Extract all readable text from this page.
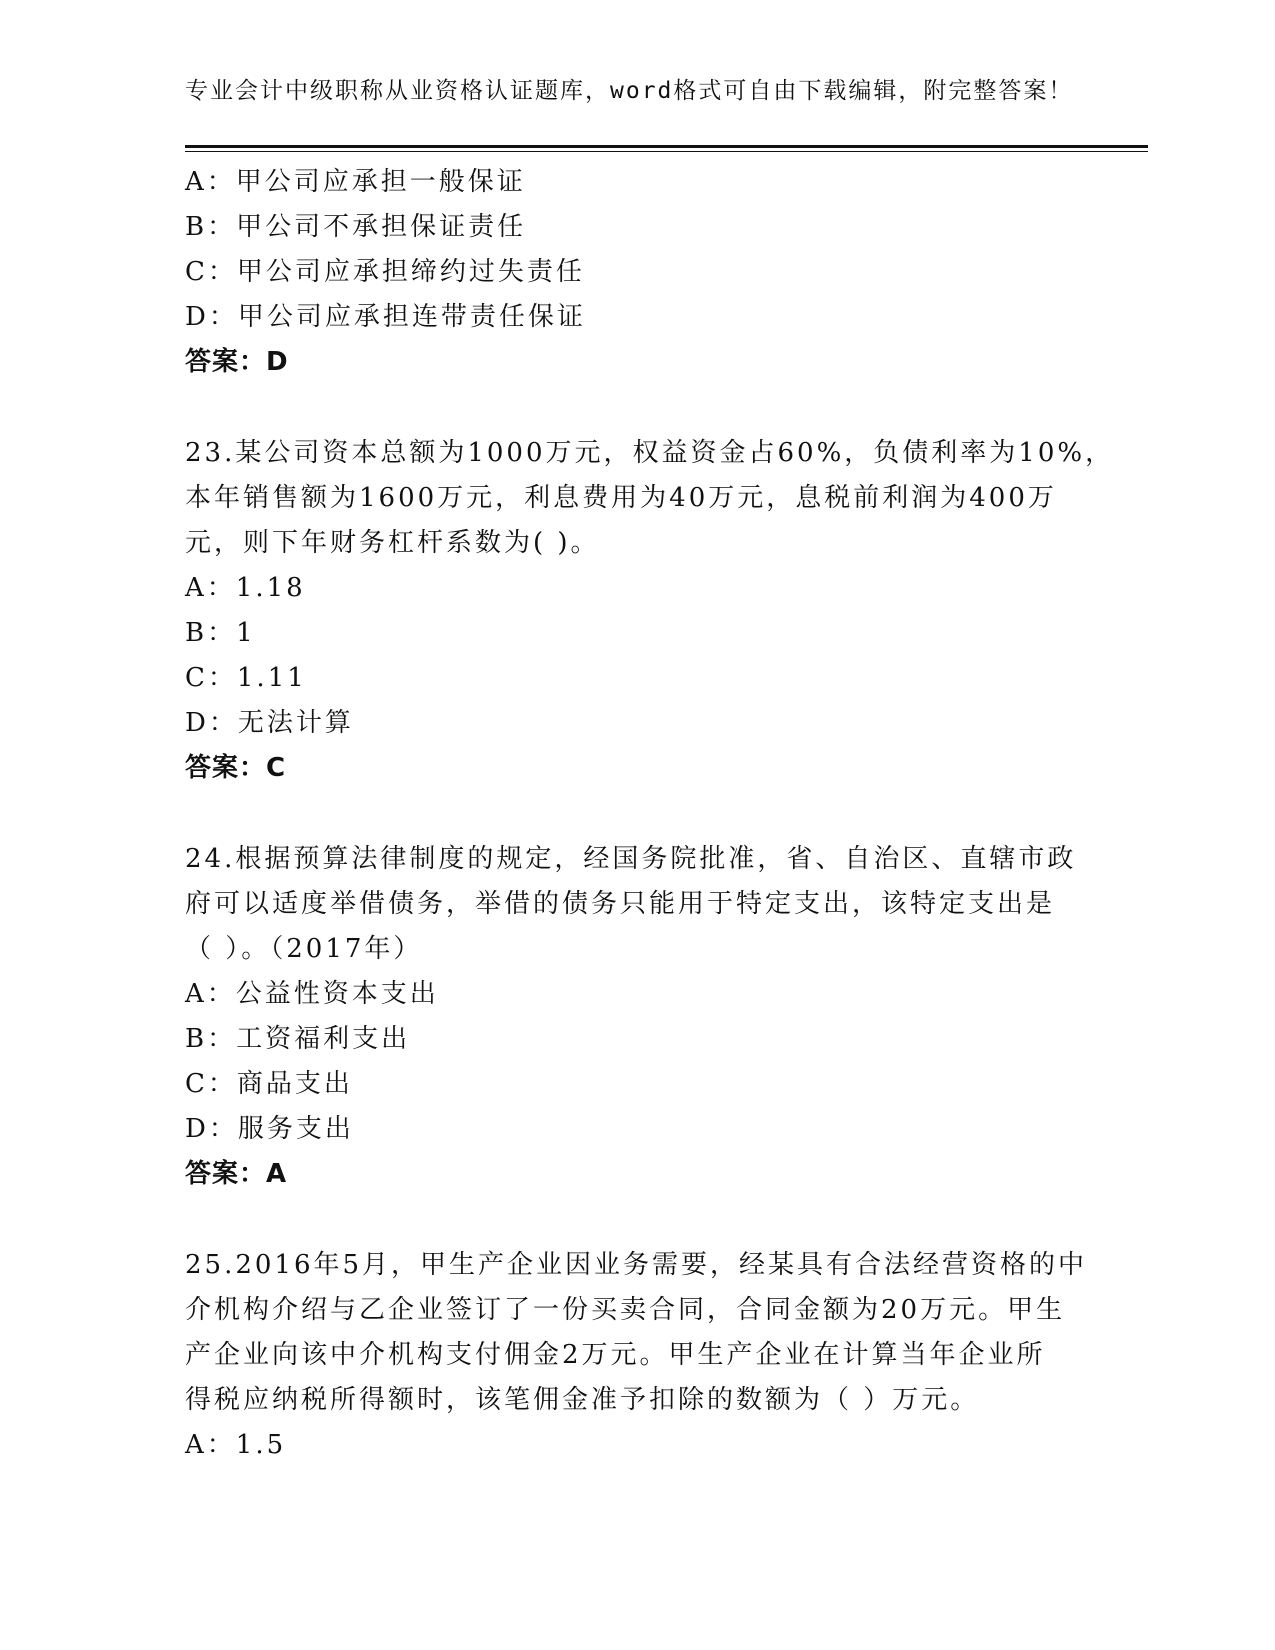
专业会计中级职称从业资格认证题库，word格式可自由下载编辑，附完整答案！
A：甲公司应承担一般保证
B：甲公司不承担保证责任
C：甲公司应承担缔约过失责任
D：甲公司应承担连带责任保证
答案：D
23.某公司资本总额为1000万元，权益资金占60%，负债利率为10%，
本年销售额为1600万元，利息费用为40万元，息税前利润为400万
元，则下年财务杠杆系数为( )。
A：1.18
B：1
C：1.11
D：无法计算
答案：C
24.根据预算法律制度的规定，经国务院批准，省、自治区、直辖市政
府可以适度举借债务，举借的债务只能用于特定支出，该特定支出是
（ ）。（2017年）
A：公益性资本支出
B：工资福利支出
C：商品支出
D：服务支出
答案：A
25.2016年5月，甲生产企业因业务需要，经某具有合法经营资格的中
介机构介绍与乙企业签订了一份买卖合同，合同金额为20万元。甲生
产企业向该中介机构支付佣金2万元。甲生产企业在计算当年企业所
得税应纳税所得额时，该笔佣金准予扣除的数额为（ ）万元。
A：1.5
